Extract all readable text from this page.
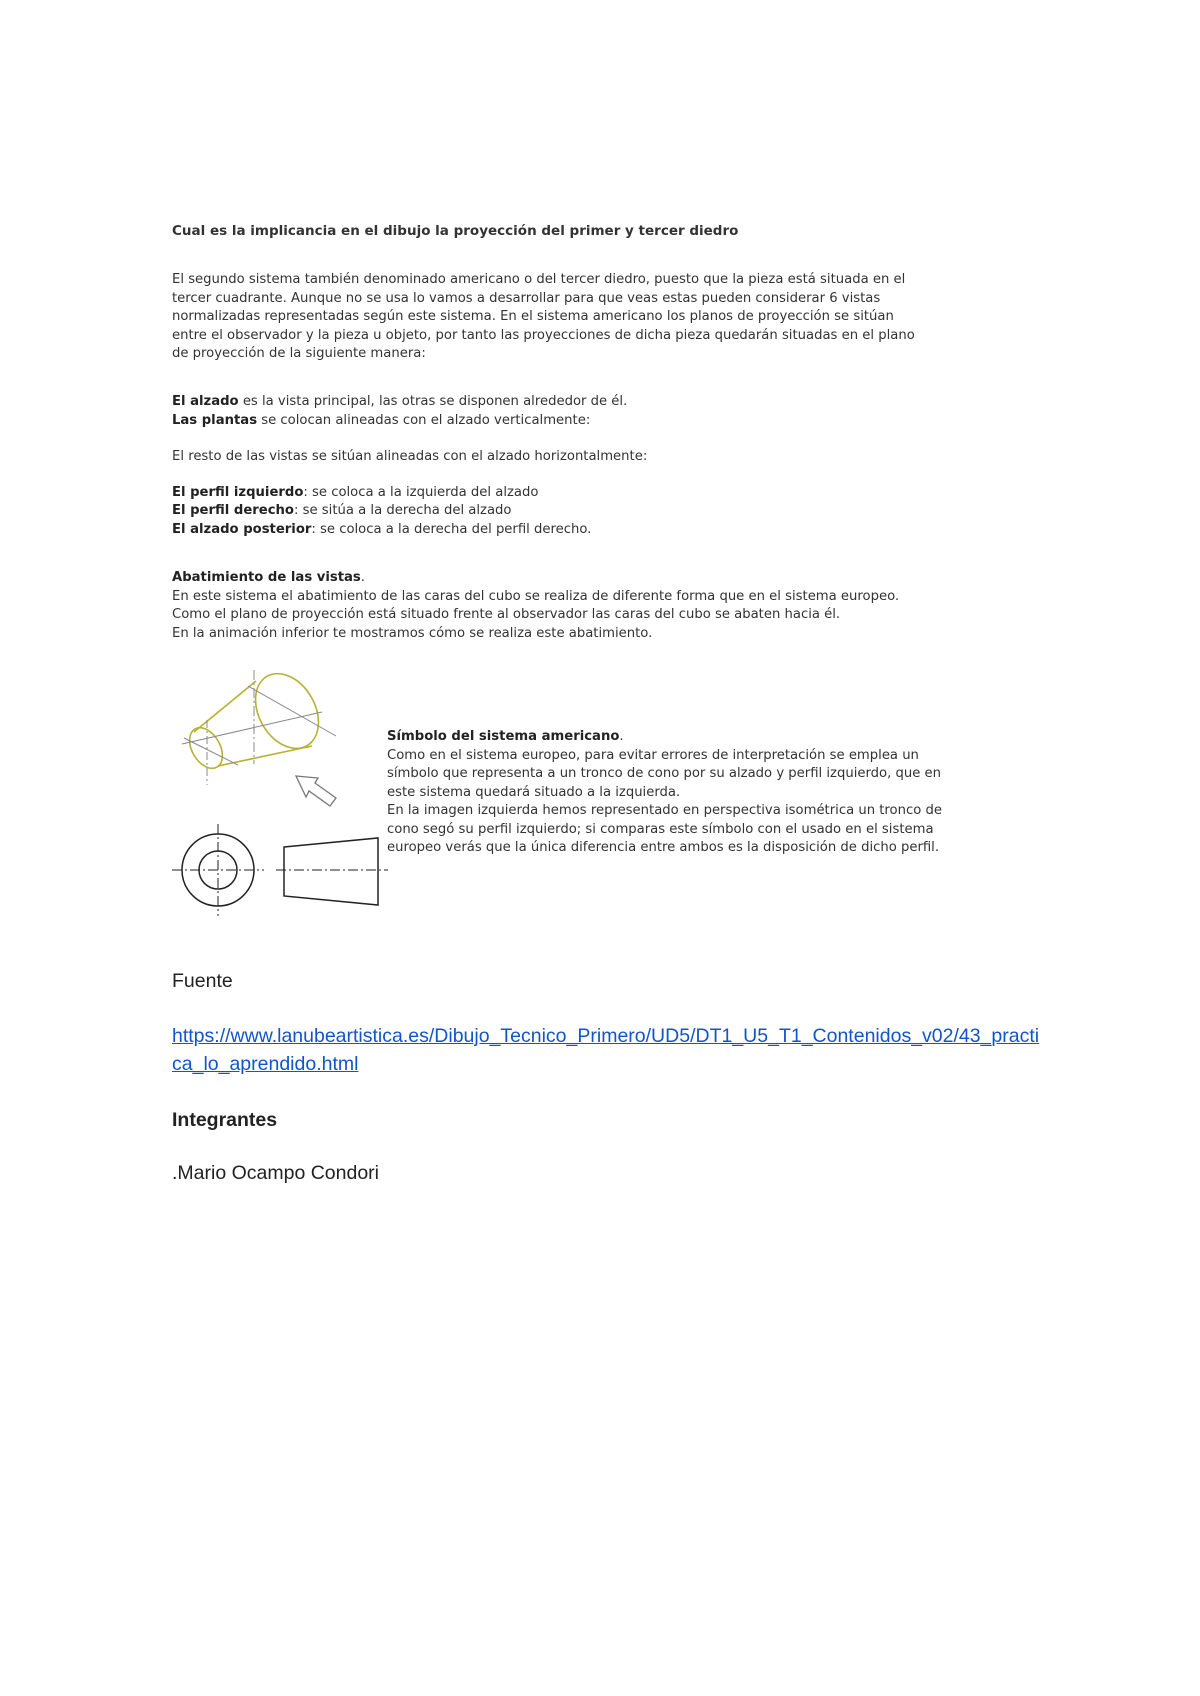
Cual es la implicancia en el dibujo la proyección del primer y tercer diedro

El segundo sistema también denominado americano o del tercer diedro, puesto que la pieza está situada en el

tercer cuadrante. Aunque no se usa lo vamos a desarrollar para que veas estas pueden considerar 6 vistas

normalizadas representadas según este sistema. En el sistema americano los planos de proyección se sitúan

entre el observador y la pieza u objeto, por tanto las proyecciones de dicha pieza quedarán situadas en el plano

de proyección de la siguiente manera:

El alzado es la vista principal, las otras se disponen alrededor de él.

Las plantas se colocan alineadas con el alzado verticalmente:

El resto de las vistas se sitúan alineadas con el alzado horizontalmente:

El perfil izquierdo: se coloca a la izquierda del alzado

El perfil derecho: se sitúa a la derecha del alzado

El alzado posterior: se coloca a la derecha del perfil derecho.

Abatimiento de las vistas.

En este sistema el abatimiento de las caras del cubo se realiza de diferente forma que en el sistema europeo.

Como el plano de proyección está situado frente al observador las caras del cubo se abaten hacia él.

En la animación inferior te mostramos cómo se realiza este abatimiento.

Símbolo del sistema americano.

Como en el sistema europeo, para evitar errores de interpretación se emplea un

símbolo que representa a un tronco de cono por su alzado y perfil izquierdo, que en

este sistema quedará situado a la izquierda.

En la imagen izquierda hemos representado en perspectiva isométrica un tronco de

cono segó su perfil izquierdo; si comparas este símbolo con el usado en el sistema

europeo verás que la única diferencia entre ambos es la disposición de dicho perfil.

Fuente
https://www.lanubeartistica.es/Dibujo_Tecnico_Primero/UD5/DT1_U5_T1_Contenidos_v02/43_practica_lo_aprendido.html
Integrantes
.Mario Ocampo Condori
